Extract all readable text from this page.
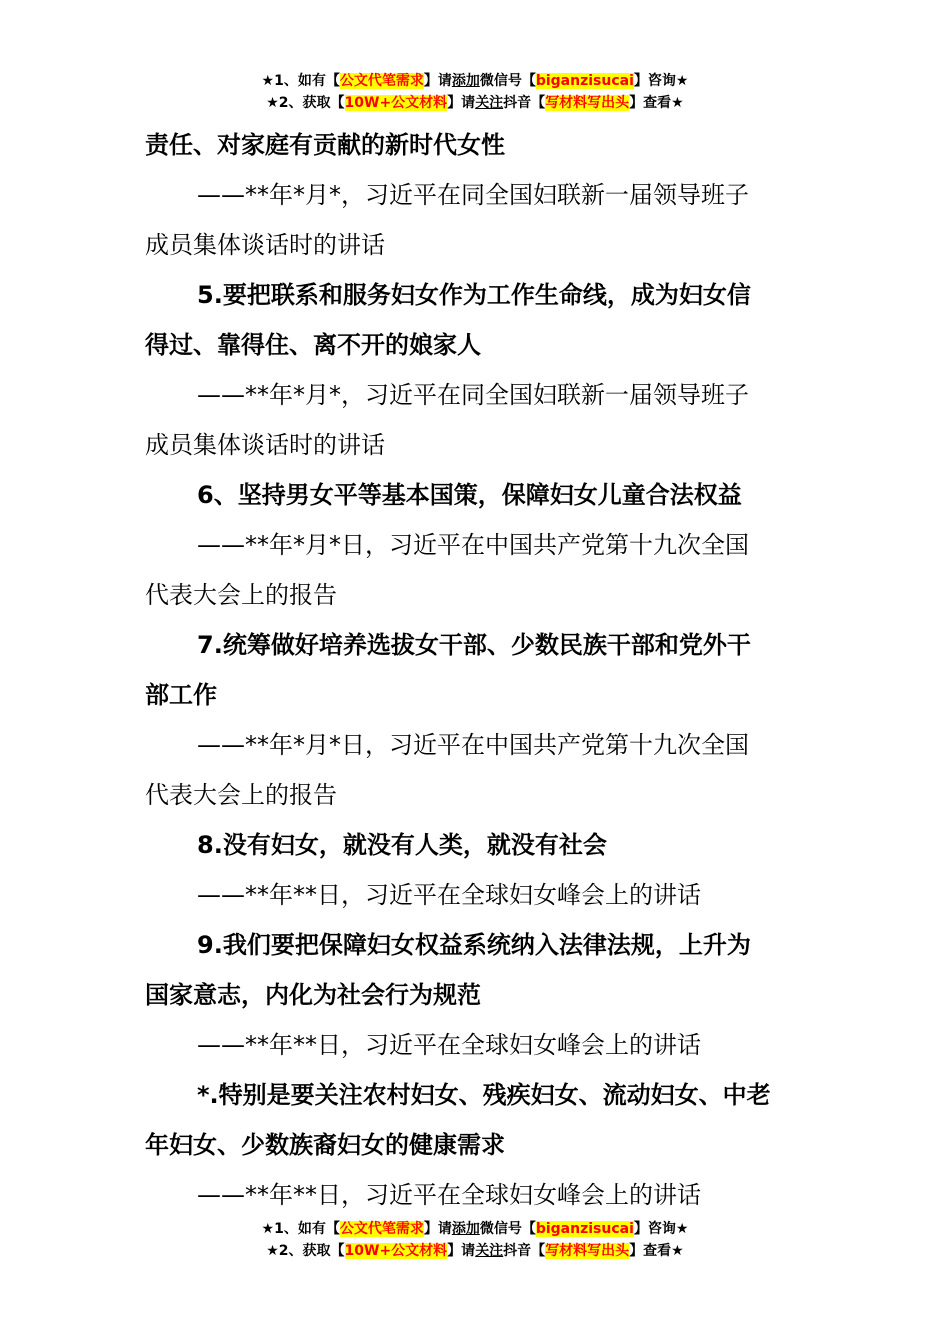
★1、如有【公文代笔需求】请添加微信号【biganzisucai】咨询★
★2、获取【10W+公文材料】请关注抖音【写材料写出头】查看★

责任、对家庭有贡献的新时代女性

——**年*月*，习近平在同全国妇联新一届领导班子
成员集体谈话时的讲话

5.要把联系和服务妇女作为工作生命线，成为妇女信
得过、靠得住、离不开的娘家人

——**年*月*，习近平在同全国妇联新一届领导班子
成员集体谈话时的讲话

6、坚持男女平等基本国策，保障妇女儿童合法权益

——**年*月*日，习近平在中国共产党第十九次全国
代表大会上的报告

7.统筹做好培养选拔女干部、少数民族干部和党外干
部工作

——**年*月*日，习近平在中国共产党第十九次全国
代表大会上的报告

8.没有妇女，就没有人类，就没有社会

——**年**日，习近平在全球妇女峰会上的讲话

9.我们要把保障妇女权益系统纳入法律法规，上升为
国家意志，内化为社会行为规范

——**年**日，习近平在全球妇女峰会上的讲话

*.特别是要关注农村妇女、残疾妇女、流动妇女、中老
年妇女、少数族裔妇女的健康需求

——**年**日，习近平在全球妇女峰会上的讲话

★1、如有【公文代笔需求】请添加微信号【biganzisucai】咨询★
★2、获取【10W+公文材料】请关注抖音【写材料写出头】查看★
